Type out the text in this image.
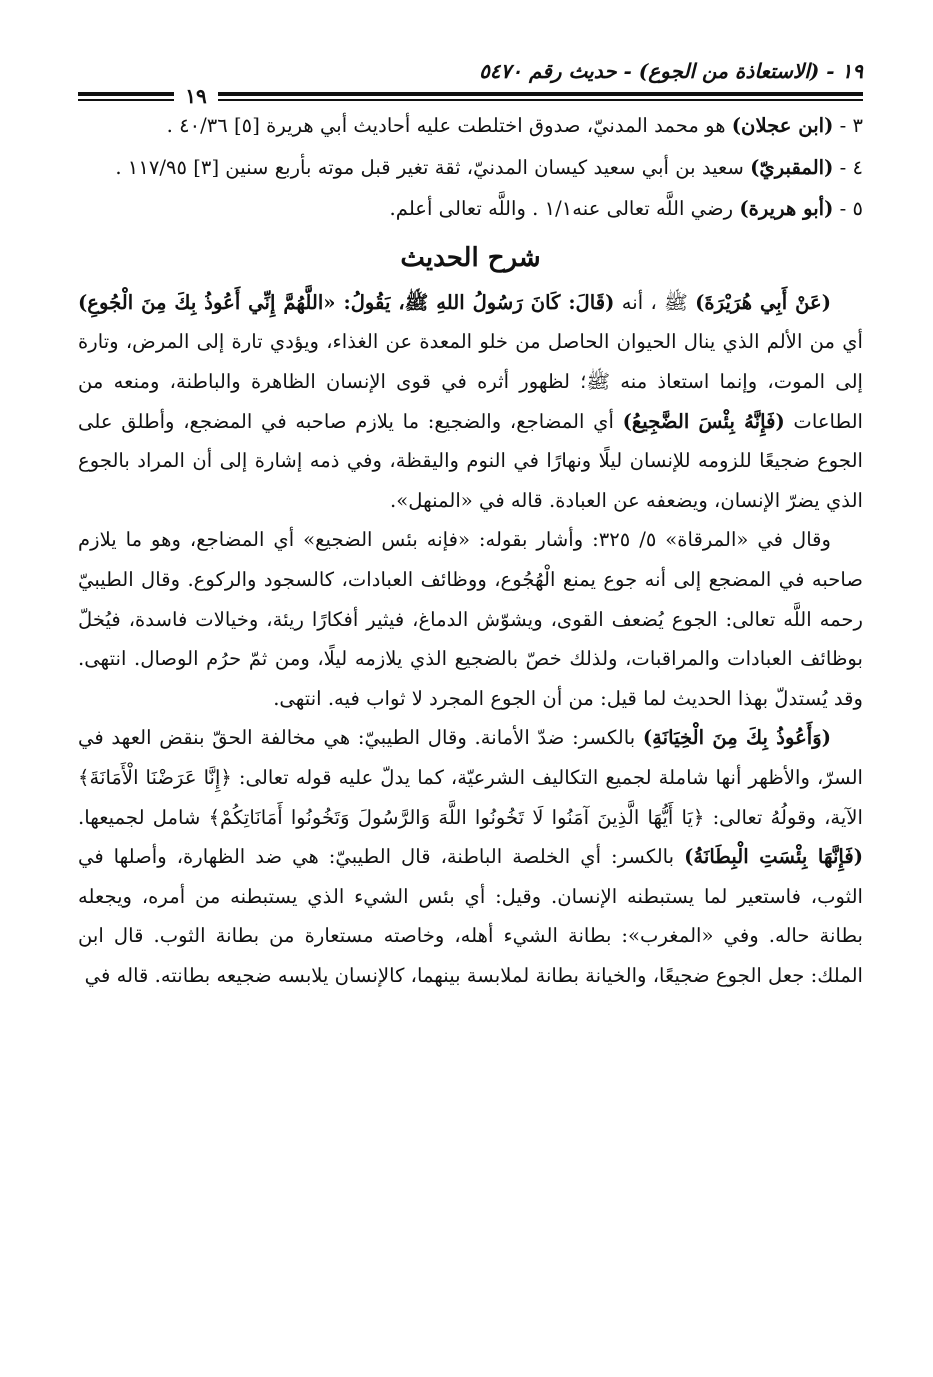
١٩ - (الاستعاذة من الجوع) - حديث رقم ٥٤٧٠
١٩

٣ - (ابن عجلان) هو محمد المدنيّ، صدوق اختلطت عليه أحاديث أبي هريرة [٥] ٤٠/٣٦ .

٤ - (المقبريّ) سعيد بن أبي سعيد كيسان المدنيّ، ثقة تغير قبل موته بأربع سنين [٣] ١١٧/٩٥ .

٥ - (أبو هريرة) رضي اللَّه تعالى عنه١/١ . واللَّه تعالى أعلم.

شرح الحديث

(عَنْ أَبِي هُرَيْرَةَ) ﷺ ، أنه (قَالَ: كَانَ رَسُولُ اللهِ ﷺ، يَقُولُ: «اللَّهُمَّ إِنِّي أَعُوذُ بِكَ مِنَ الْجُوعِ) أي من الألم الذي ينال الحيوان الحاصل من خلو المعدة عن الغذاء، ويؤدي تارة إلى المرض، وتارة إلى الموت، وإنما استعاذ منه ﷺ؛ لظهور أثره في قوى الإنسان الظاهرة والباطنة، ومنعه من الطاعات (فَإِنَّهُ بِئْسَ الضَّجِيعُ) أي المضاجع، والضجيع: ما يلازم صاحبه في المضجع، وأطلق على الجوع ضجيعًا للزومه للإنسان ليلًا ونهارًا في النوم واليقظة، وفي ذمه إشارة إلى أن المراد بالجوع الذي يضرّ الإنسان، ويضعفه عن العبادة. قاله في «المنهل».

وقال في «المرقاة» ٥/ ٣٢٥: وأشار بقوله: «فإنه بئس الضجيع» أي المضاجع، وهو ما يلازم صاحبه في المضجع إلى أنه جوع يمنع الْهُجُوع، ووظائف العبادات، كالسجود والركوع. وقال الطيبيّ رحمه اللَّه تعالى: الجوع يُضعف القوى، ويشوّش الدماغ، فيثير أفكارًا ريئة، وخيالات فاسدة، فيُخلّ بوظائف العبادات والمراقبات، ولذلك خصّ بالضجيع الذي يلازمه ليلًا، ومن ثمّ حرُم الوصال. انتهى. وقد يُستدلّ بهذا الحديث لما قيل: من أن الجوع المجرد لا ثواب فيه. انتهى.

(وَأَعُوذُ بِكَ مِنَ الْخِيَانَةِ) بالكسر: ضدّ الأمانة. وقال الطيبيّ: هي مخالفة الحقّ بنقض العهد في السرّ، والأظهر أنها شاملة لجميع التكاليف الشرعيّة، كما يدلّ عليه قوله تعالى: ﴿إِنَّا عَرَضْنَا الْأَمَانَةَ﴾ الآية، وقولُهُ تعالى: ﴿يَا أَيُّهَا الَّذِينَ آمَنُوا لَا تَخُونُوا اللَّهَ وَالرَّسُولَ وَتَخُونُوا أَمَانَاتِكُمْ﴾ شامل لجميعها. (فَإِنَّهَا بِئْسَتِ الْبِطَانَةُ) بالكسر: أي الخلصة الباطنة، قال الطيبيّ: هي ضد الظهارة، وأصلها في الثوب، فاستعير لما يستبطنه الإنسان. وقيل: أي بئس الشيء الذي يستبطنه من أمره، ويجعله بطانة حاله. وفي «المغرب»: بطانة الشيء أهله، وخاصته مستعارة من بطانة الثوب. قال ابن الملك: جعل الجوع ضجيعًا، والخيانة بطانة لملابسة بينهما، كالإنسان يلابسه ضجيعه بطانته. قاله في
